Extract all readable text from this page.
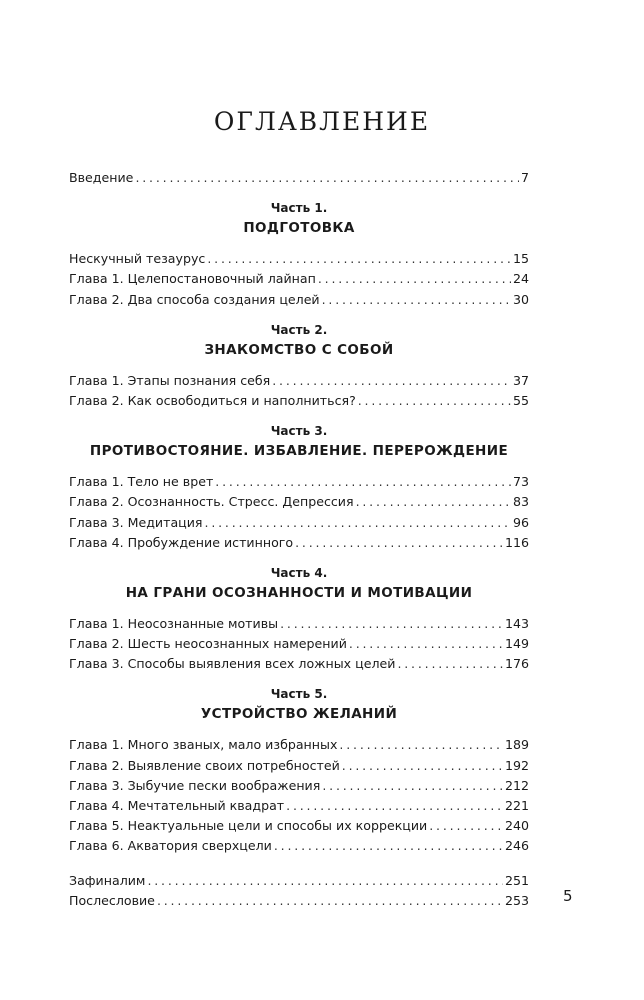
ОГЛАВЛЕНИЕ
Введение . . .	7
Часть 1.
ПОДГОТОВКА
Нескучный тезаурус . . .	15
Глава 1. Целепостановочный лайнап . . .	24
Глава 2. Два способа создания целей . . .	30
Часть 2.
ЗНАКОМСТВО С СОБОЙ
Глава 1. Этапы познания себя . . .	37
Глава 2. Как освободиться и наполниться? . . .	55
Часть 3.
ПРОТИВОСТОЯНИЕ. ИЗБАВЛЕНИЕ. ПЕРЕРОЖДЕНИЕ
Глава 1. Тело не врет . . .	73
Глава 2. Осознанность. Стресс. Депрессия . . .	83
Глава 3. Медитация . . .	96
Глава 4. Пробуждение истинного . . .	116
Часть 4.
НА ГРАНИ ОСОЗНАННОСТИ И МОТИВАЦИИ
Глава 1. Неосознанные мотивы . . .	143
Глава 2. Шесть неосознанных намерений . . .	149
Глава 3. Способы выявления всех ложных целей . . .	176
Часть 5.
УСТРОЙСТВО ЖЕЛАНИЙ
Глава 1. Много званых, мало избранных . . .	189
Глава 2. Выявление своих потребностей . . .	192
Глава 3. Зыбучие пески воображения . . .	212
Глава 4. Мечтательный квадрат . . .	221
Глава 5. Неактуальные цели и способы их коррекции . . .	240
Глава 6. Акватория сверхцели . . .	246
Зафиналим . . .	251
Послесловие . . .	253 5
